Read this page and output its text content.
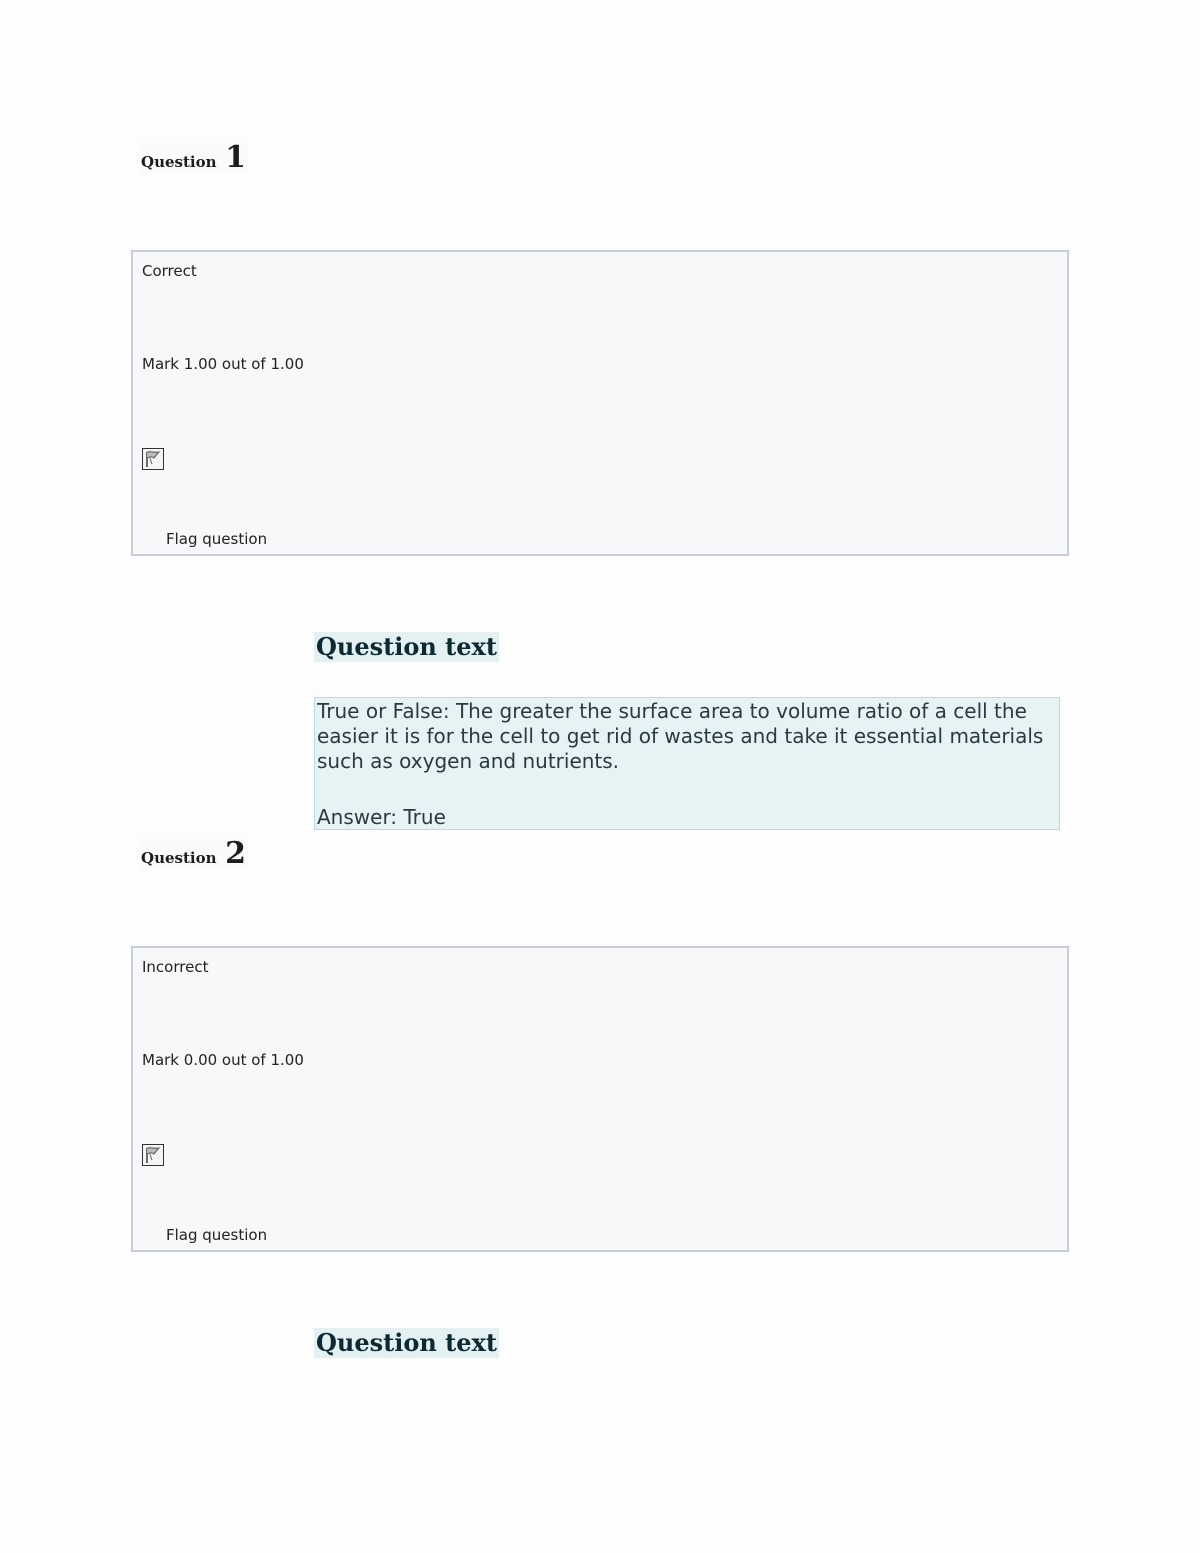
Question 1
Correct
Mark 1.00 out of 1.00
Flag question
Question text

True or False: The greater the surface area to volume ratio of a cell the easier it is for the cell to get rid of wastes and take it essential materials such as oxygen and nutrients.

Answer: True

Question 2
Incorrect
Mark 0.00 out of 1.00
Flag question
Question text
